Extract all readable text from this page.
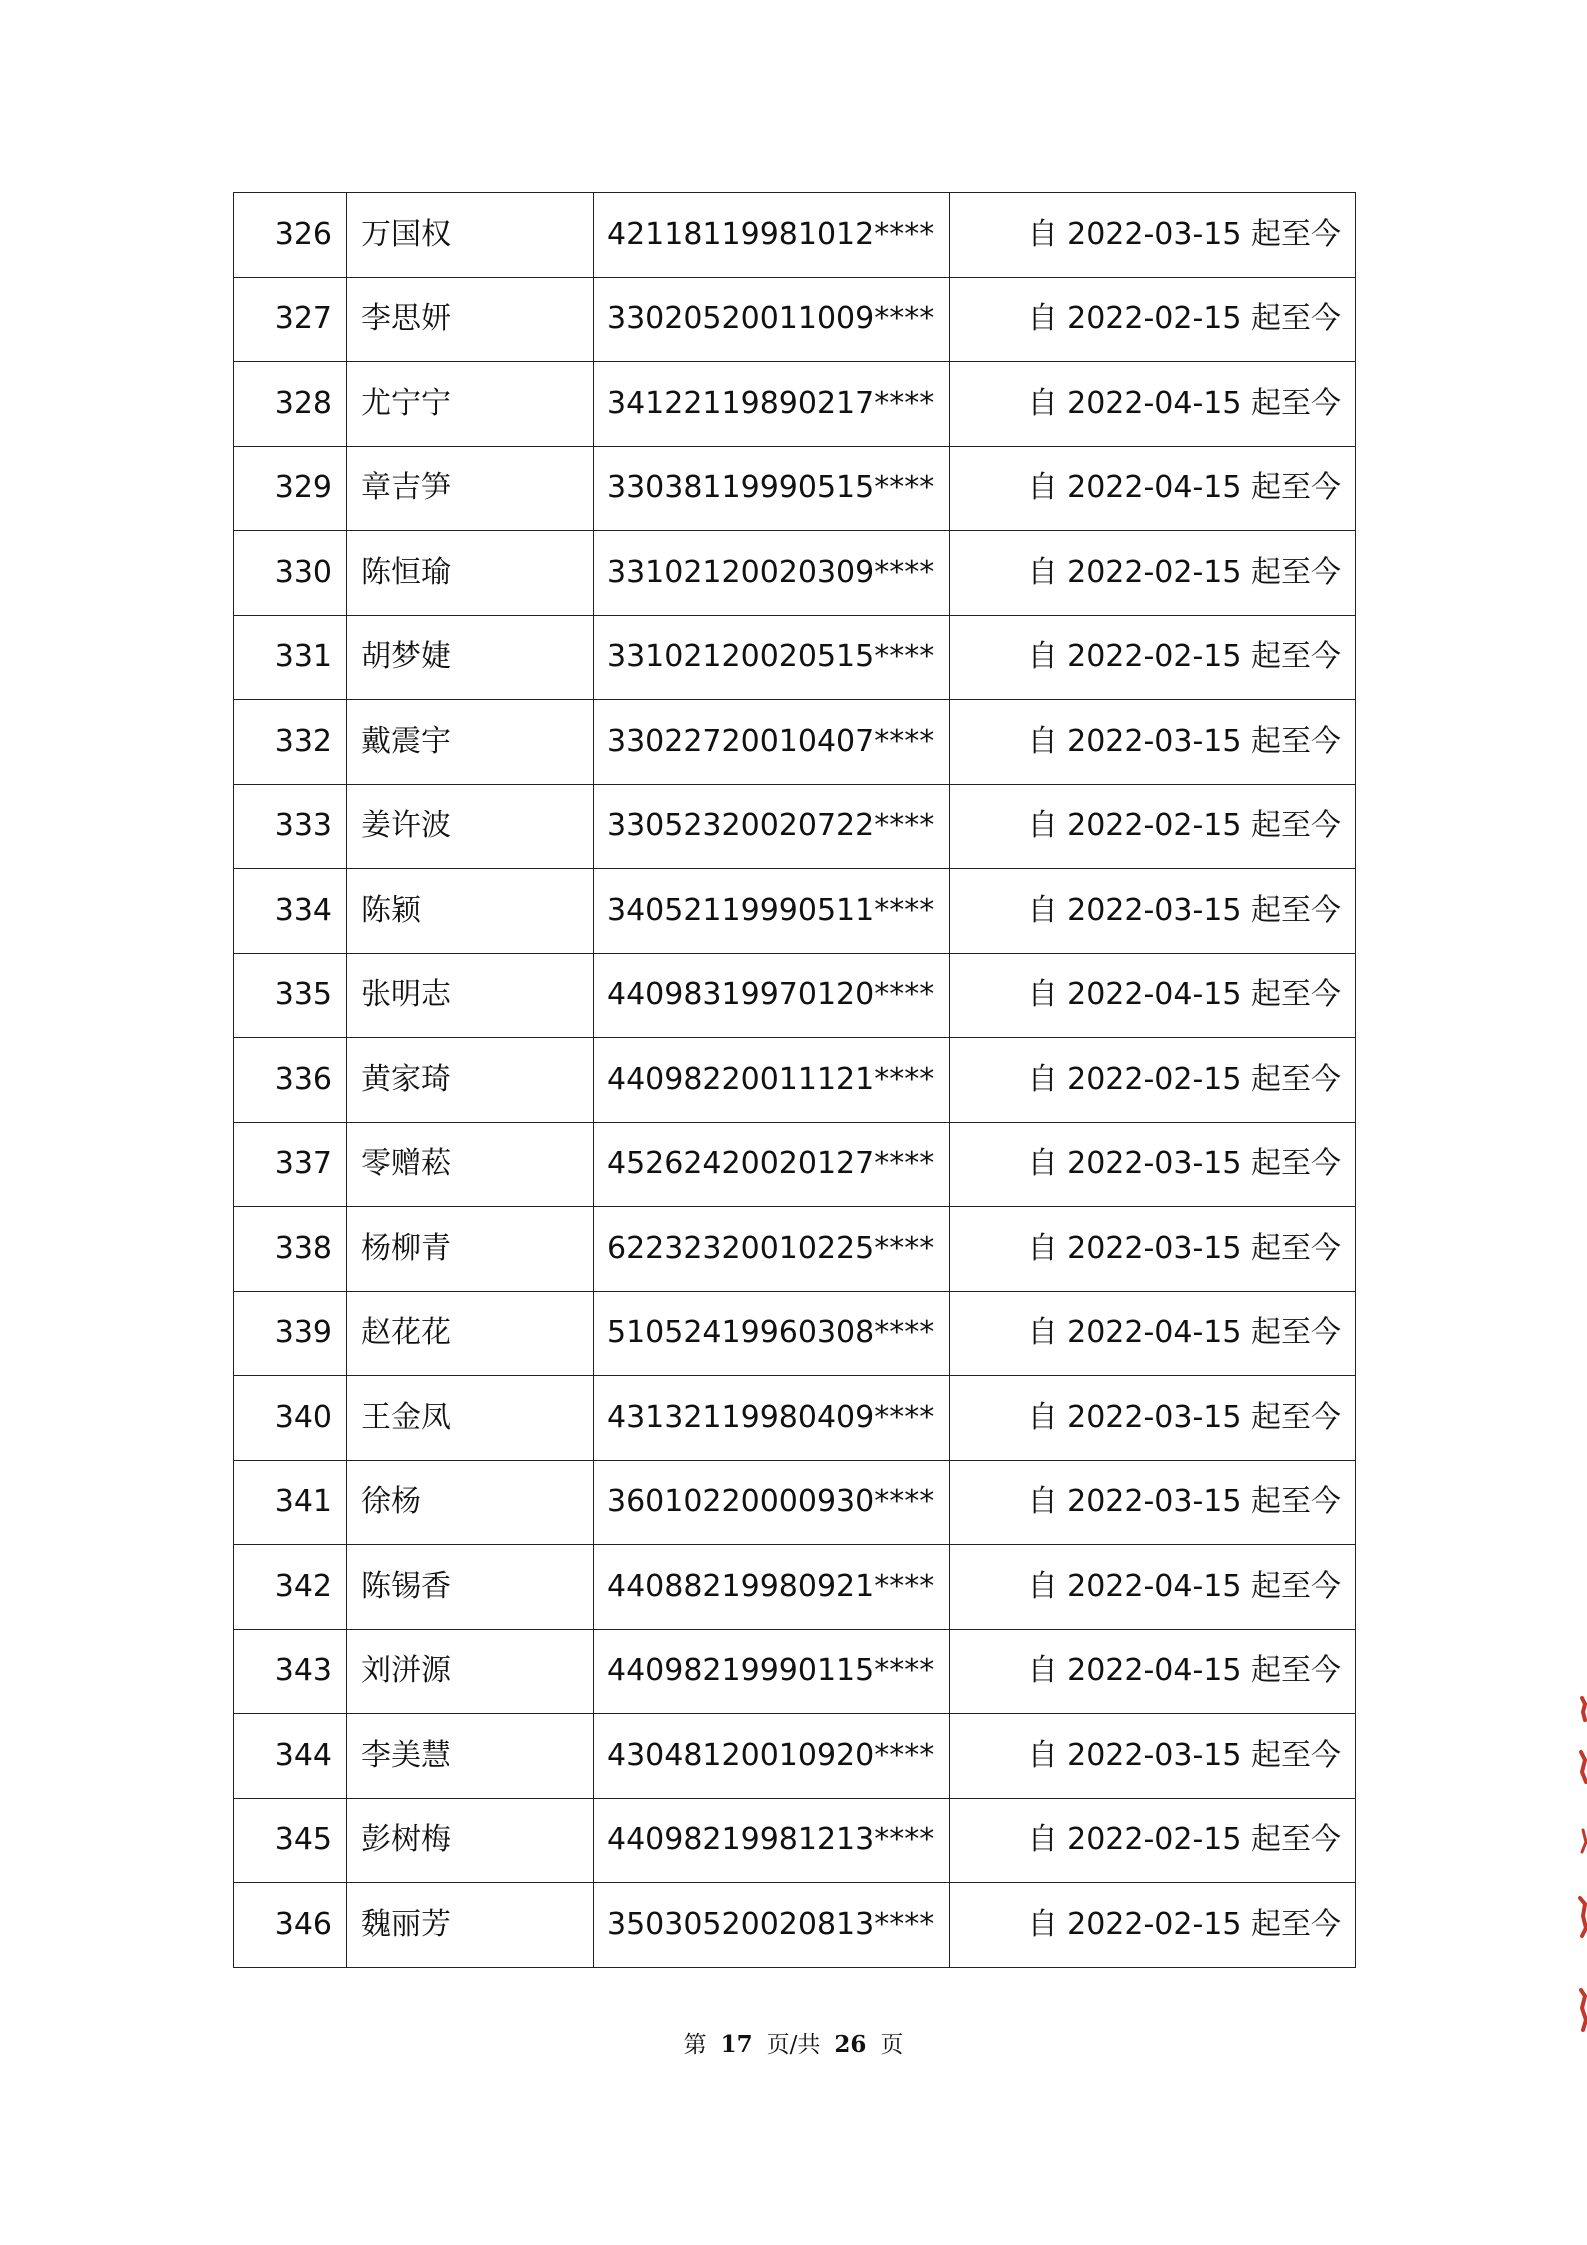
326	万国权	42118119981012****	自 2022-03-15 起至今
327	李思妍	33020520011009****	自 2022-02-15 起至今
328	尤宁宁	34122119890217****	自 2022-04-15 起至今
329	章吉笋	33038119990515****	自 2022-04-15 起至今
330	陈恒瑜	33102120020309****	自 2022-02-15 起至今
331	胡梦婕	33102120020515****	自 2022-02-15 起至今
332	戴震宇	33022720010407****	自 2022-03-15 起至今
333	姜许波	33052320020722****	自 2022-02-15 起至今
334	陈颖	34052119990511****	自 2022-03-15 起至今
335	张明志	44098319970120****	自 2022-04-15 起至今
336	黄家琦	44098220011121****	自 2022-02-15 起至今
337	零赠菘	45262420020127****	自 2022-03-15 起至今
338	杨柳青	62232320010225****	自 2022-03-15 起至今
339	赵花花	51052419960308****	自 2022-04-15 起至今
340	王金凤	43132119980409****	自 2022-03-15 起至今
341	徐杨	36010220000930****	自 2022-03-15 起至今
342	陈锡香	44088219980921****	自 2022-04-15 起至今
343	刘洴源	44098219990115****	自 2022-04-15 起至今
344	李美慧	43048120010920****	自 2022-03-15 起至今
345	彭树梅	44098219981213****	自 2022-02-15 起至今
346	魏丽芳	35030520020813****	自 2022-02-15 起至今
第 17 页/共 26 页
